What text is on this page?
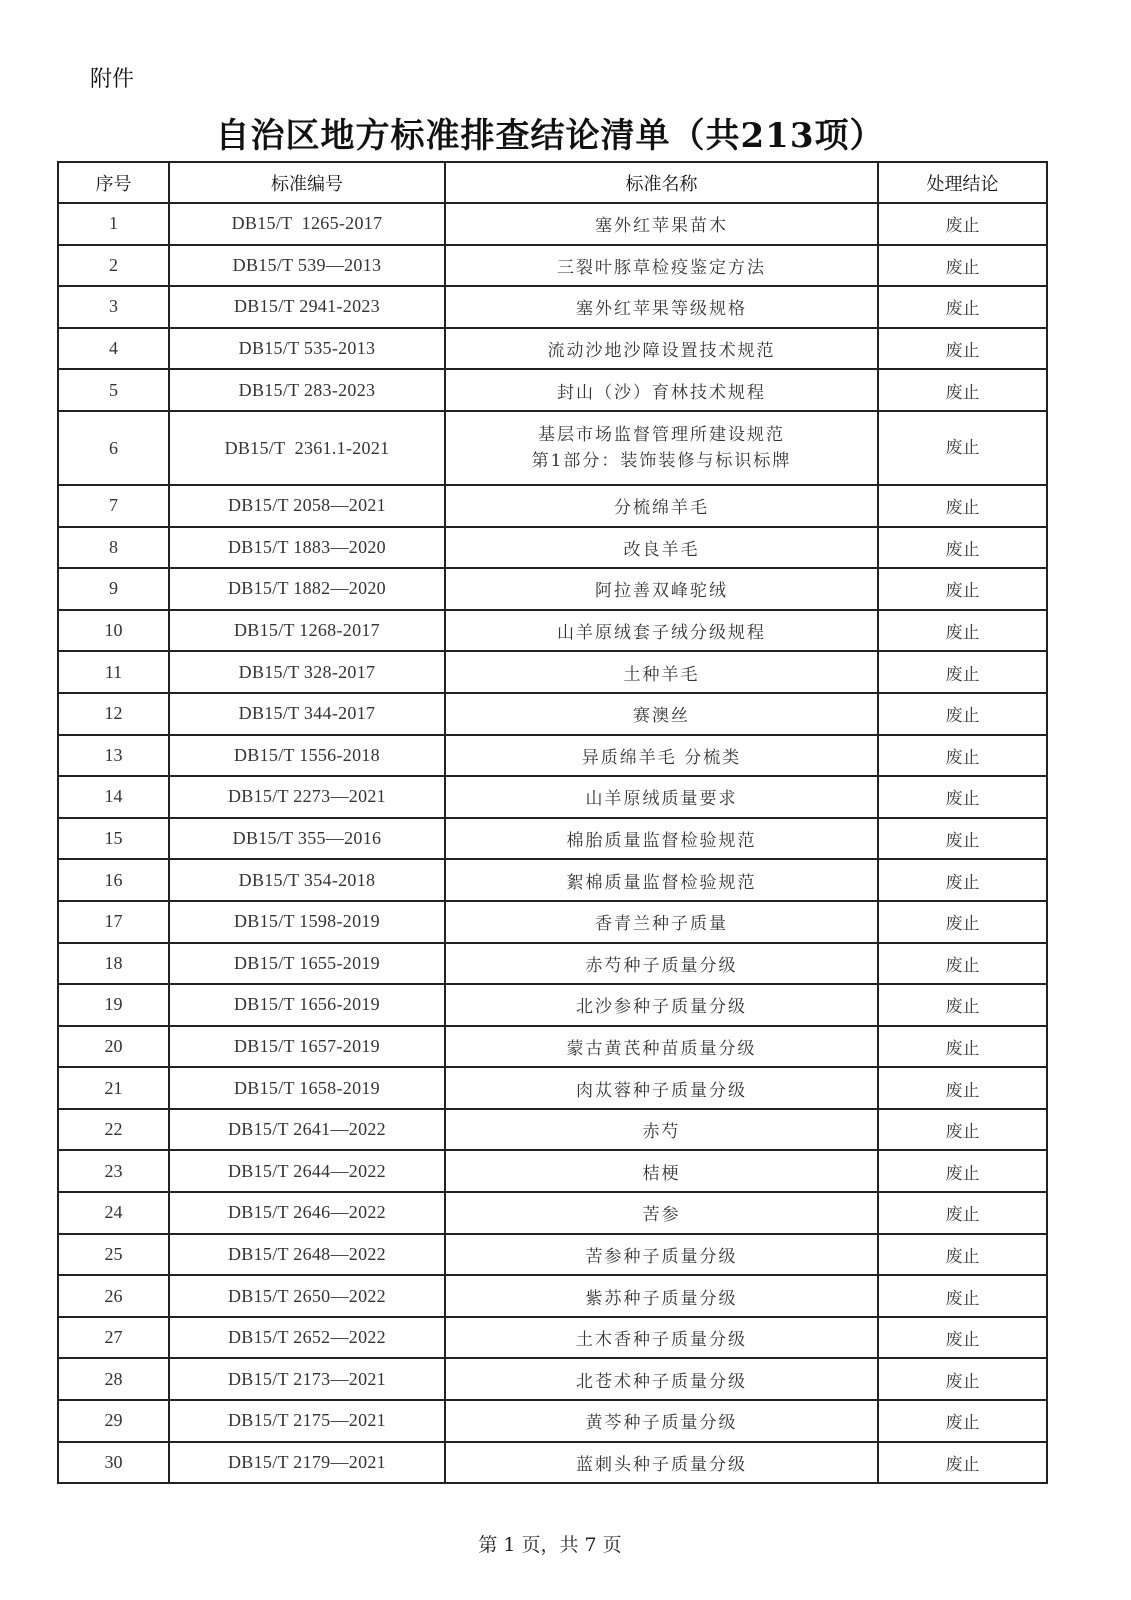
附件
自治区地方标准排查结论清单（共213项）
序号	标准编号	标准名称	处理结论
1	DB15/T  1265-2017	塞外红苹果苗木	废止
2	DB15/T 539—2013	三裂叶豚草检疫鉴定方法	废止
3	DB15/T 2941-2023	塞外红苹果等级规格	废止
4	DB15/T 535-2013	流动沙地沙障设置技术规范	废止
5	DB15/T 283-2023	封山（沙）育林技术规程	废止
6	DB15/T  2361.1-2021	基层市场监督管理所建设规范
第1部分：装饰装修与标识标牌	废止
7	DB15/T 2058—2021	分梳绵羊毛	废止
8	DB15/T 1883—2020	改良羊毛	废止
9	DB15/T 1882—2020	阿拉善双峰驼绒	废止
10	DB15/T 1268-2017	山羊原绒套子绒分级规程	废止
11	DB15/T 328-2017	土种羊毛	废止
12	DB15/T 344-2017	赛澳丝	废止
13	DB15/T 1556-2018	异质绵羊毛 分梳类	废止
14	DB15/T 2273—2021	山羊原绒质量要求	废止
15	DB15/T 355—2016	棉胎质量监督检验规范	废止
16	DB15/T 354-2018	絮棉质量监督检验规范	废止
17	DB15/T 1598-2019	香青兰种子质量	废止
18	DB15/T 1655-2019	赤芍种子质量分级	废止
19	DB15/T 1656-2019	北沙参种子质量分级	废止
20	DB15/T 1657-2019	蒙古黄芪种苗质量分级	废止
21	DB15/T 1658-2019	肉苁蓉种子质量分级	废止
22	DB15/T 2641—2022	赤芍	废止
23	DB15/T 2644—2022	桔梗	废止
24	DB15/T 2646—2022	苦参	废止
25	DB15/T 2648—2022	苦参种子质量分级	废止
26	DB15/T 2650—2022	紫苏种子质量分级	废止
27	DB15/T 2652—2022	土木香种子质量分级	废止
28	DB15/T 2173—2021	北苍术种子质量分级	废止
29	DB15/T 2175—2021	黄芩种子质量分级	废止
30	DB15/T 2179—2021	蓝刺头种子质量分级	废止
第 1 页，共 7 页
